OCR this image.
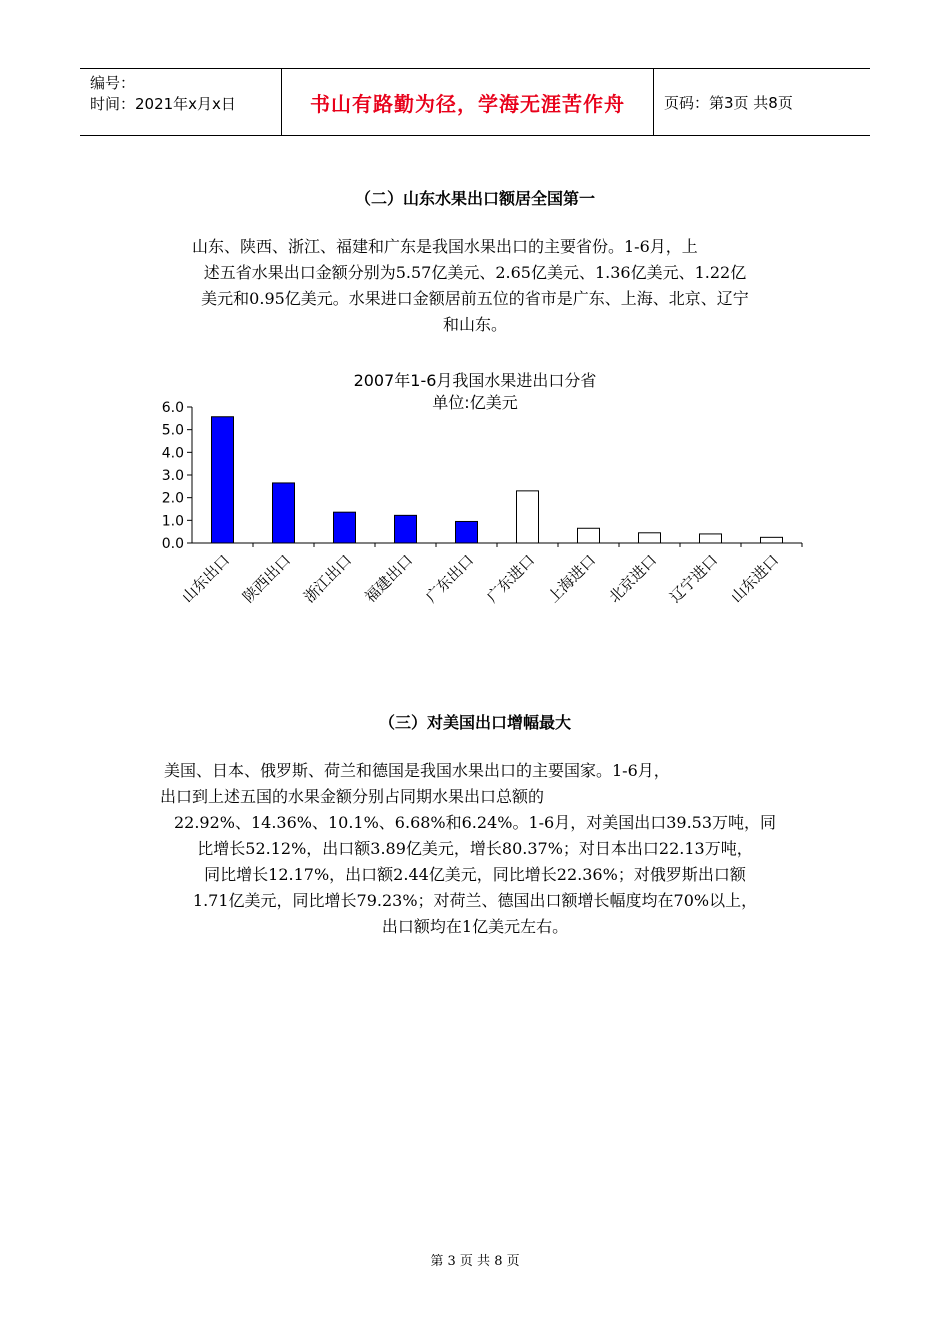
编号：
时间：2021年x月x日	书山有路勤为径，学海无涯苦作舟	页码：第3页 共8页
（二）山东水果出口额居全国第一

山东、陕西、浙江、福建和广东是我国水果出口的主要省份。1-6月，上

述五省水果出口金额分别为5.57亿美元、2.65亿美元、1.36亿美元、1.22亿

美元和0.95亿美元。水果进口金额居前五位的省市是广东、上海、北京、辽宁

和山东。

2007年1-6月我国水果进出口分省
单位:亿美元
0.0
1.0
2.0
3.0
4.0
5.0
6.0
山东出口 陕西出口 浙江出口 福建出口 广东出口 广东进口 上海进口 北京进口 辽宁进口 山东进口
（三）对美国出口增幅最大

美国、日本、俄罗斯、荷兰和德国是我国水果出口的主要国家。1-6月，

出口到上述五国的水果金额分别占同期水果出口总额的

22.92%、14.36%、10.1%、6.68%和6.24%。1-6月，对美国出口39.53万吨，同

比增长52.12%，出口额3.89亿美元，增长80.37%；对日本出口22.13万吨，

同比增长12.17%，出口额2.44亿美元，同比增长22.36%；对俄罗斯出口额

1.71亿美元，同比增长79.23%；对荷兰、德国出口额增长幅度均在70%以上，

出口额均在1亿美元左右。

第 3 页 共 8 页
